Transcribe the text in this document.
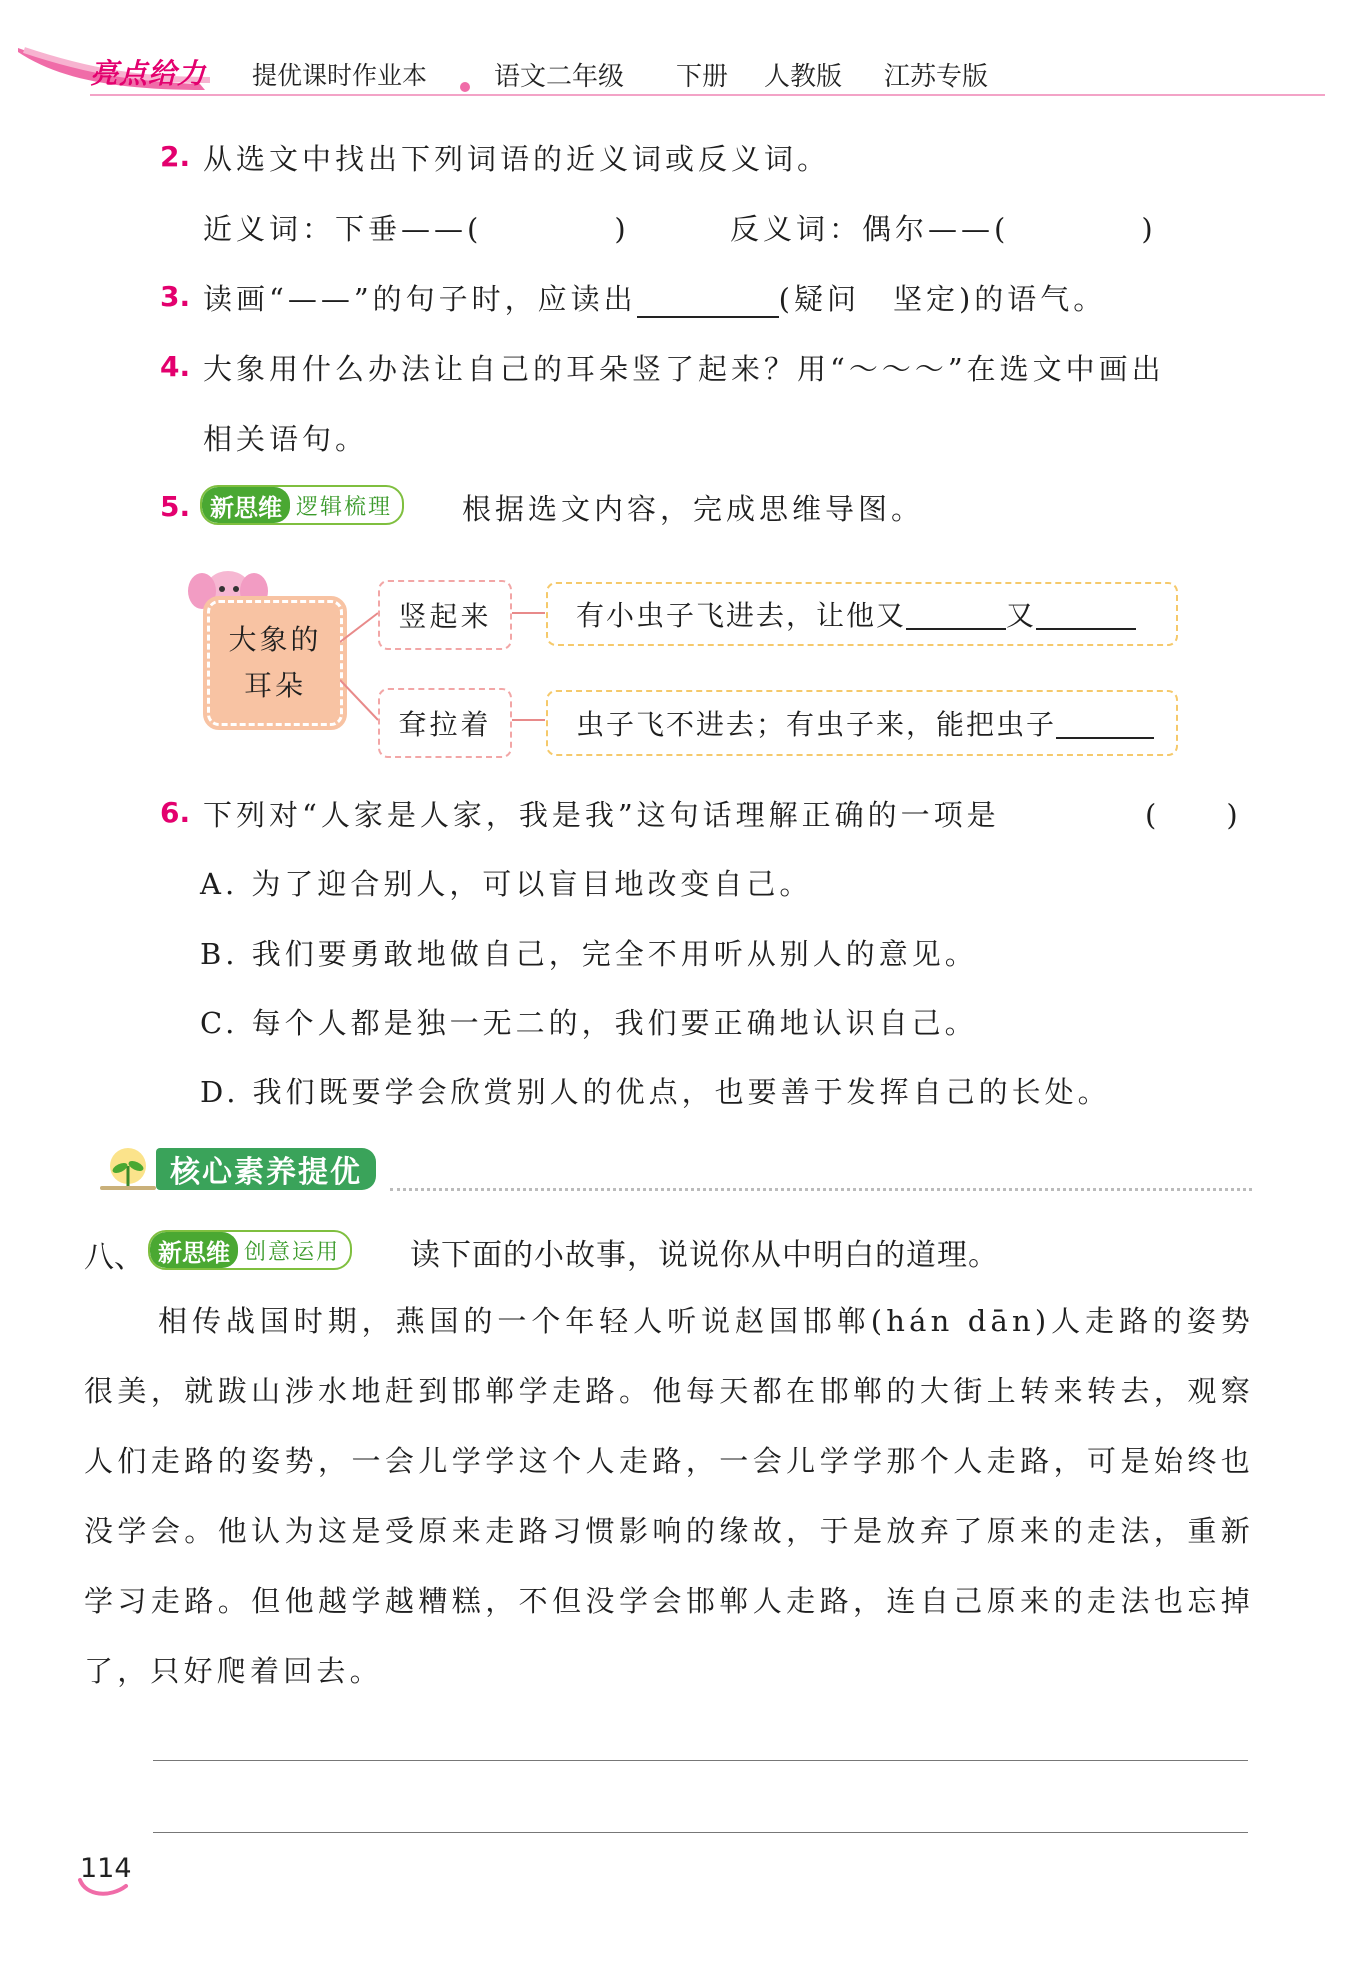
亮点给力 提优课时作业本	语文二年级 下册 人教版 江苏专版
2. 从选文中找出下列词语的近义词或反义词。
近义词：下垂——(　　　　)	反义词：偶尔——(　　　　)
3. 读画“——”的句子时，应读出	(疑问　坚定)的语气。
4. 大象用什么办法让自己的耳朵竖了起来？用“～～～”在选文中画出
相关语句。
5. 新思维 逻辑梳理	根据选文内容，完成思维导图。
大象的
耳朵
竖起来
耷拉着
有小虫子飞进去，让他又	又
虫子飞不进去；有虫子来，能把虫子
6. 下列对“人家是人家，我是我”这句话理解正确的一项是	(　　)
A. 为了迎合别人，可以盲目地改变自己。
B. 我们要勇敢地做自己，完全不用听从别人的意见。
C. 每个人都是独一无二的，我们要正确地认识自己。
D. 我们既要学会欣赏别人的优点，也要善于发挥自己的长处。
核心素养提优
八、 新思维 创意运用	读下面的小故事，说说你从中明白的道理。
相传战国时期，燕国的一个年轻人听说赵国邯郸(hán dān)人走路的姿势很美，就跋山涉水地赶到邯郸学走路。他每天都在邯郸的大街上转来转去，观察人们走路的姿势，一会儿学学这个人走路，一会儿学学那个人走路，可是始终也没学会。他认为这是受原来走路习惯影响的缘故，于是放弃了原来的走法，重新学习走路。但他越学越糟糕，不但没学会邯郸人走路，连自己原来的走法也忘掉了，只好爬着回去。
114
